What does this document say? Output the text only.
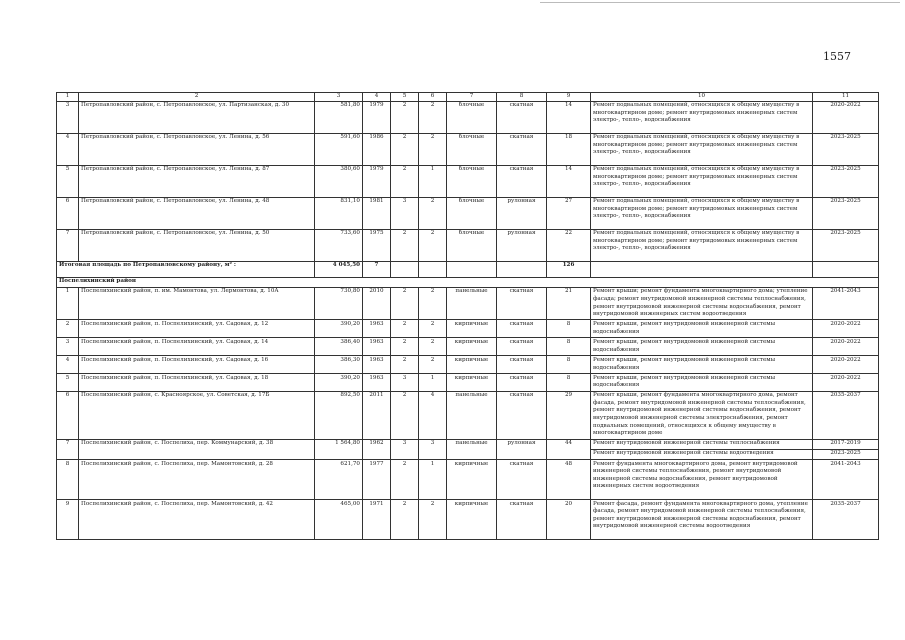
1557
1	2	3	4	5	6	7	8	9	10	11
3	Петропавловский район, с. Петропавловское, ул. Партизанская, д. 30	581,80	1979	2	2	блочные	скатная	14	Ремонт подвальных помещений, относящихся к общему имуществу в многоквартирном доме; ремонт внутридомовых инженерных систем электро-, тепло-, водоснабжения	2020-2022
4	Петропавловский район, с. Петропавловское, ул. Ленина, д. 56	591,60	1986	2	2	блочные	скатная	18	Ремонт подвальных помещений, относящихся к общему имуществу в многоквартирном доме; ремонт внутридомовых инженерных систем электро-, тепло-, водоснабжения	2023-2025
5	Петропавловский район, с. Петропавловское, ул. Ленина, д. 87	380,60	1979	2	1	блочные	скатная	14	Ремонт подвальных помещений, относящихся к общему имуществу в многоквартирном доме; ремонт внутридомовых инженерных систем электро-, тепло-, водоснабжения	2023-2025
6	Петропавловский район, с. Петропавловское, ул. Ленина, д. 48	831,10	1981	3	2	блочные	рулонная	27	Ремонт подвальных помещений, относящихся к общему имуществу в многоквартирном доме; ремонт внутридомовых инженерных систем электро-, тепло-, водоснабжения	2023-2025
7	Петропавловский район, с. Петропавловское, ул. Ленина, д. 50	733,60	1975	2	2	блочные	рулонная	22	Ремонт подвальных помещений, относящихся к общему имуществу в многоквартирном доме; ремонт внутридомовых инженерных систем электро-, тепло-, водоснабжения	2023-2025
Итоговая площадь по Петропавловскому району, м² :		4 045,50	7					126		
Поспелихинский район										
1	Поспелихинский район, п. им. Мамонтова, ул. Лермонтова, д. 10А	730,80	2010	2	2	панельные	скатная	21	Ремонт крыши; ремонт фундамента многоквартирного дома; утепление фасада; ремонт внутридомовой инженерной системы теплоснабжения, ремонт внутридомовой инженерной системы водоснабжения, ремонт внутридомовой инженерных систем водоотведения	2041-2043
2	Поспелихинский район, п. Поспелихинский, ул. Садовая, д. 12	390,20	1963	2	2	кирпичные	скатная	8	Ремонт крыши, ремонт внутридомовой инженерной системы водоснабжения	2020-2022
3	Поспелихинский район, п. Поспелихинский, ул. Садовая, д. 14	386,40	1963	2	2	кирпичные	скатная	8	Ремонт крыши, ремонт внутридомовой инженерной системы водоснабжения	2020-2022
4	Поспелихинский район, п. Поспелихинский, ул. Садовая, д. 16	386,30	1963	2	2	кирпичные	скатная	8	Ремонт крыши, ремонт внутридомовой инженерной системы водоснабжения	2020-2022
5	Поспелихинский район, п. Поспелихинский, ул. Садовая, д. 18	390,20	1963	3	1	кирпичные	скатная	8	Ремонт крыши, ремонт внутридомовой инженерной системы водоснабжения	2020-2022
6	Поспелихинский район, с. Красноярское, ул. Советская, д. 17Б	892,50	2011	2	4	панельные	скатная	29	Ремонт крыши, ремонт фундамента многоквартирного дома, ремонт фасада, ремонт внутридомовой инженерной системы теплоснабжения, ремонт внутридомовой инженерной системы водоснабжения, ремонт внутридомовой инженерной системы электроснабжения, ремонт подвальных помещений, относящихся к общему имуществу в многоквартирном доме	2035-2037
7	Поспелихинский район, с. Поспелиха, пер. Коммунарский, д. 38	1 564,80	1962	3	3	панельные	рулонная	44	Ремонт внутридомовой инженерной системы теплоснабжения	2017-2019
									Ремонт внутридомовой инженерной системы водоотведения	2023-2025
8	Поспелихинский район, с. Поспелиха, пер. Мамонтовский, д. 28	621,70	1977	2	1	кирпичные	скатная	48	Ремонт фундамента многоквартирного дома, ремонт внутридомовой инженерной системы теплоснабжения, ремонт внутридомовой инженерной системы водоснабжения, ремонт внутридомовой инженерных систем водоотведения	2041-2043
9	Поспелихинский район, с. Поспелиха, пер. Мамонтовский, д. 42	465,00	1971	2	2	кирпичные	скатная	20	Ремонт фасада, ремонт фундамента многоквартирного дома, утепление фасада, ремонт внутридомовой инженерной системы теплоснабжения, ремонт внутридомовой инженерной системы водоснабжения, ремонт внутридомовой инженерной системы водоотведения	2035-2037
